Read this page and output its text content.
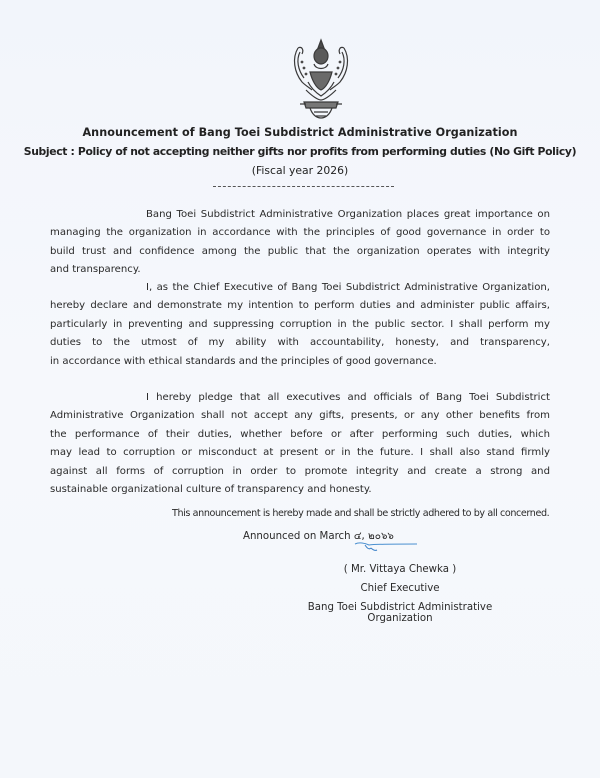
Announcement of Bang Toei Subdistrict Administrative Organization
Subject : Policy of not accepting neither gifts nor profits from performing duties (No Gift Policy)
(Fiscal year 2026)
Bang Toei Subdistrict Administrative Organization places great importance on
managing the organization in accordance with the principles of good governance in order to
build trust and confidence among the public that the organization operates with integrity
and transparency.
I, as the Chief Executive of Bang Toei Subdistrict Administrative Organization,
hereby declare and demonstrate my intention to perform duties and administer public affairs,
particularly in preventing and suppressing corruption in the public sector. I shall perform my
duties to the utmost of my ability with accountability, honesty, and transparency,
in accordance with ethical standards and the principles of good governance.
I hereby pledge that all executives and officials of Bang Toei Subdistrict
Administrative Organization shall not accept any gifts, presents, or any other benefits from
the performance of their duties, whether before or after performing such duties, which
may lead to corruption or misconduct at present or in the future. I shall also stand firmly
against all forms of corruption in order to promote integrity and create a strong and
sustainable organizational culture of transparency and honesty.
This announcement is hereby made and shall be strictly adhered to by all concerned.
Announced on March ๔, ๒๐๖๖
( Mr. Vittaya Chewka )
Chief Executive
Bang Toei Subdistrict Administrative Organization
